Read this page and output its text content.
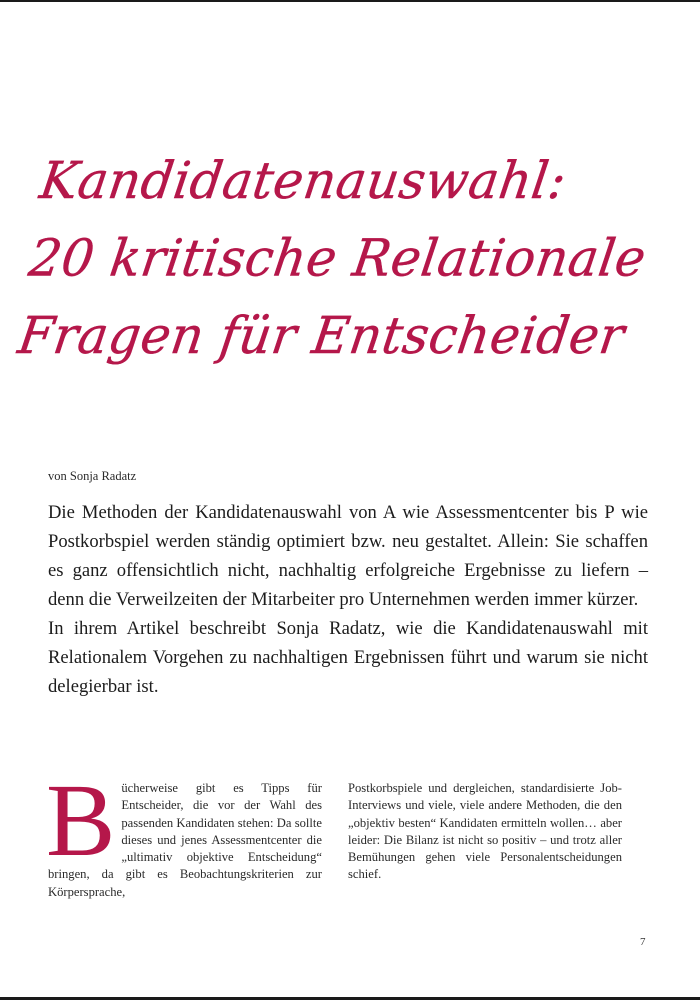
Kandidatenauswahl:
20 kritische Relationale
Fragen für Entscheider

von Sonja Radatz

Die Methoden der Kandidatenauswahl von A wie Assessmentcenter bis P wie Postkorbspiel werden ständig optimiert bzw. neu gestaltet. Allein: Sie schaffen es ganz offensichtlich nicht, nachhaltig erfolgreiche Ergebnisse zu liefern – denn die Verweilzeiten der Mitarbeiter pro Unternehmen werden immer kürzer.

In ihrem Artikel beschreibt Sonja Radatz, wie die Kandidatenauswahl mit Relationalem Vorgehen zu nachhaltigen Ergebnissen führt und warum sie nicht delegierbar ist.

Bücherweise gibt es Tipps für Entscheider, die vor der Wahl des passenden Kandidaten stehen: Da sollte dieses und jenes Assessmentcenter die „ultimativ objektive Entscheidung“ bringen, da gibt es Beobachtungskriterien zur Körpersprache,

Postkorbspiele und dergleichen, standardisierte Job-Interviews und viele, viele andere Methoden, die den „objektiv besten“ Kandidaten ermitteln wollen… aber leider: Die Bilanz ist nicht so positiv – und trotz aller Bemühungen gehen viele Personalentscheidungen schief.

7
